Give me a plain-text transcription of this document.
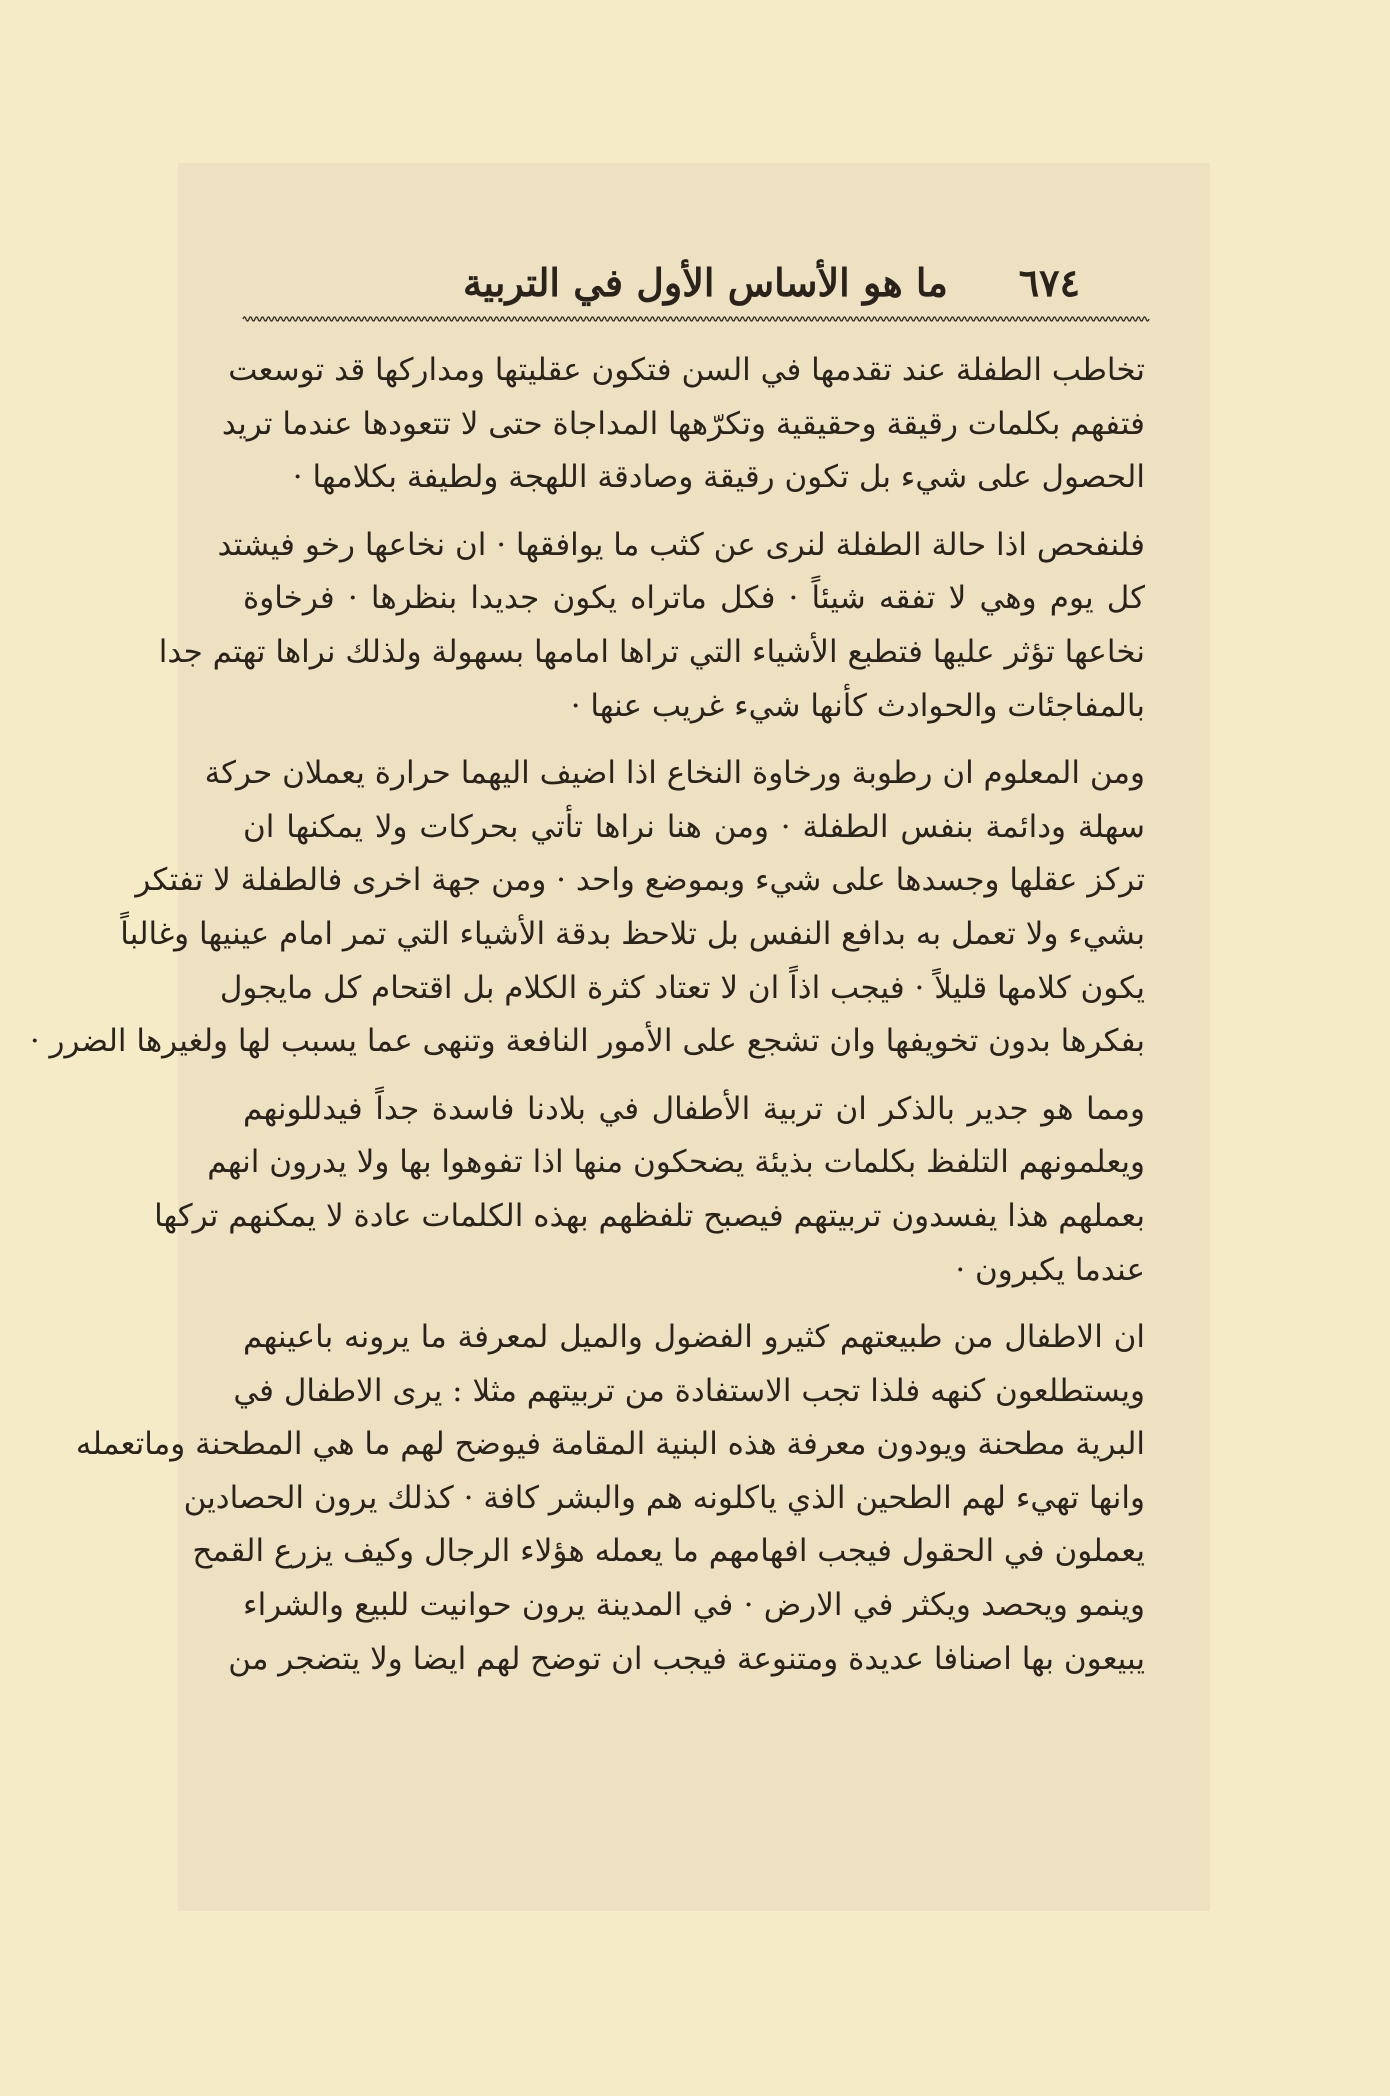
٦٧٤
ما هو الأساس الأول في التربية
تخاطب الطفلة عند تقدمها في السن فتكون عقليتها ومداركها قد توسعت
فتفهم بكلمات رقيقة وحقيقية وتكرّهها المداجاة حتى لا تتعودها عندما تريد
الحصول على شيء بل تكون رقيقة وصادقة اللهجة ولطيفة بكلامها ·
فلنفحص اذا حالة الطفلة لنرى عن كثب ما يوافقها · ان نخاعها رخو فيشتد
كل يوم وهي لا تفقه شيئاً · فكل ماتراه يكون جديدا بنظرها · فرخاوة
نخاعها تؤثر عليها فتطبع الأشياء التي تراها امامها بسهولة ولذلك نراها تهتم جدا
بالمفاجئات والحوادث كأنها شيء غريب عنها ·
ومن المعلوم ان رطوبة ورخاوة النخاع اذا اضيف اليهما حرارة يعملان حركة
سهلة ودائمة بنفس الطفلة · ومن هنا نراها تأتي بحركات ولا يمكنها ان
تركز عقلها وجسدها على شيء وبموضع واحد · ومن جهة اخرى فالطفلة لا تفتكر
بشيء ولا تعمل به بدافع النفس بل تلاحظ بدقة الأشياء التي تمر امام عينيها وغالباً
يكون كلامها قليلاً · فيجب اذاً ان لا تعتاد كثرة الكلام بل اقتحام كل مايجول
بفكرها بدون تخويفها وان تشجع على الأمور النافعة وتنهى عما يسبب لها ولغيرها الضرر ·
ومما هو جدير بالذكر ان تربية الأطفال في بلادنا فاسدة جداً فيدللونهم
ويعلمونهم التلفظ بكلمات بذيئة يضحكون منها اذا تفوهوا بها ولا يدرون انهم
بعملهم هذا يفسدون تربيتهم فيصبح تلفظهم بهذه الكلمات عادة لا يمكنهم تركها
عندما يكبرون ·
ان الاطفال من طبيعتهم كثيرو الفضول والميل لمعرفة ما يرونه باعينهم
ويستطلعون كنهه فلذا تجب الاستفادة من تربيتهم مثلا : يرى الاطفال في
البرية مطحنة ويودون معرفة هذه البنية المقامة فيوضح لهم ما هي المطحنة وماتعمله
وانها تهيء لهم الطحين الذي ياكلونه هم والبشر كافة · كذلك يرون الحصادين
يعملون في الحقول فيجب افهامهم ما يعمله هؤلاء الرجال وكيف يزرع القمح
وينمو ويحصد ويكثر في الارض · في المدينة يرون حوانيت للبيع والشراء
يبيعون بها اصنافا عديدة ومتنوعة فيجب ان توضح لهم ايضا ولا يتضجر من
